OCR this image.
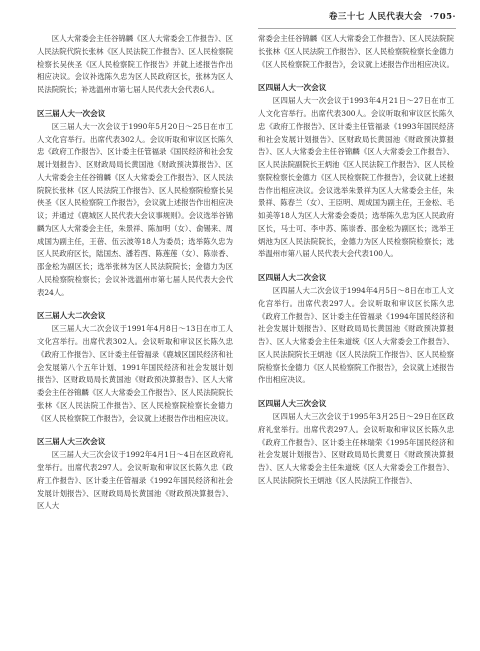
卷三十七 人民代表大会 ·705·

区人大常委会主任谷锦麟《区人大常委会工作报告》、区人民法院代院长张林《区人民法院工作报告》、区人民检察院检察长吴侠圣《区人民检察院工作报告》并就上述报告作出相应决议。会议补选陈久忠为区人民政府区长，张林为区人民法院院长；补选温州市第七届人民代表大会代表6人。

区三届人大一次会议

区三届人大一次会议于1990年5月20日～25日在市工人文化宫举行。出席代表302人。会议听取和审议区长陈久忠《政府工作报告》、区计委主任管福录《国民经济和社会发展计划报告》、区财政局局长黄国池《财政预决算报告》、区人大常委会主任谷锦麟《区人大常委会工作报告》、区人民法院院长张林《区人民法院工作报告》、区人民检察院检察长吴侠圣《区人民检察院工作报告》，会议就上述报告作出相应决议；并通过《鹿城区人民代表大会议事规则》。会议选举谷锦麟为区人大常委会主任，朱景祥、陈加明（女）、俞锡来、周成国为副主任，王蓓、伍云波等18人为委员；选举陈久忠为区人民政府区长，陆国杰、潘若西、陈莲莲（女）、陈崇香、邵金松为副区长；选举张林为区人民法院院长；金德力为区人民检察院检察长；会议补选温州市第七届人民代表大会代表24人。

区三届人大二次会议

区三届人大二次会议于1991年4月8日～13日在市工人文化宫举行。出席代表302人。会议听取和审议区长陈久忠《政府工作报告》、区计委主任管福录《鹿城区国民经济和社会发展第八个五年计划、1991年国民经济和社会发展计划报告》、区财政局局长黄国池《财政预决算报告》、区人大常委会主任谷锦麟《区人大常委会工作报告》、区人民法院院长张林《区人民法院工作报告》、区人民检察院检察长金德力《区人民检察院工作报告》，会议就上述报告作出相应决议。

区三届人大三次会议

区三届人大三次会议于1992年4月1日～4日在区政府礼堂举行。出席代表297人。会议听取和审议区长陈久忠《政府工作报告》、区计委主任管福录《1992年国民经济和社会发展计划报告》、区财政局局长黄国池《财政预决算报告》、区人大

常委会主任谷锦麟《区人大常委会工作报告》、区人民法院院长张林《区人民法院工作报告》、区人民检察院检察长金德力《区人民检察院工作报告》，会议就上述报告作出相应决议。

区四届人大一次会议

区四届人大一次会议于1993年4月21日～27日在市工人文化宫举行。出席代表300人。会议听取和审议区长陈久忠《政府工作报告》、区计委主任管福录《1993年国民经济和社会发展计划报告》、区财政局长黄国池《财政预决算报告》、区人大常委会主任谷锦麟《区人大常委会工作报告》、区人民法院副院长王炳池《区人民法院工作报告》、区人民检察院检察长金德力《区人民检察院工作报告》，会议就上述报告作出相应决议。会议选举朱景祥为区人大常委会主任，朱景祥、陈春兰（女）、王臣明、周成国为副主任，王金松、毛如美等18人为区人大常委会委员；选举陈久忠为区人民政府区长，马士可、李中苏、陈崇香、邵金松为副区长；选举王炳池为区人民法院院长，金德力为区人民检察院检察长；选举温州市第八届人民代表大会代表100人。

区四届人大二次会议

区四届人大二次会议于1994年4月5日～8日在市工人文化宫举行。出席代表297人。会议听取和审议区长陈久忠《政府工作报告》、区计委主任管福录《1994年国民经济和社会发展计划报告》、区财政局局长黄国池《财政预决算报告》、区人大常委会主任朱道统《区人大常委会工作报告》、区人民法院院长王炳池《区人民法院工作报告》、区人民检察院检察长金德力《区人民检察院工作报告》，会议就上述报告作出相应决议。

区四届人大三次会议

区四届人大三次会议于1995年3月25日～29日在区政府礼堂举行。出席代表297人。会议听取和审议区长陈久忠《政府工作报告》、区计委主任林瑞荣《1995年国民经济和社会发展计划报告》、区财政局局长黄夏日《财政预决算报告》、区人大常委会主任朱道统《区人大常委会工作报告》、区人民法院院长王炳池《区人民法院工作报告》、
